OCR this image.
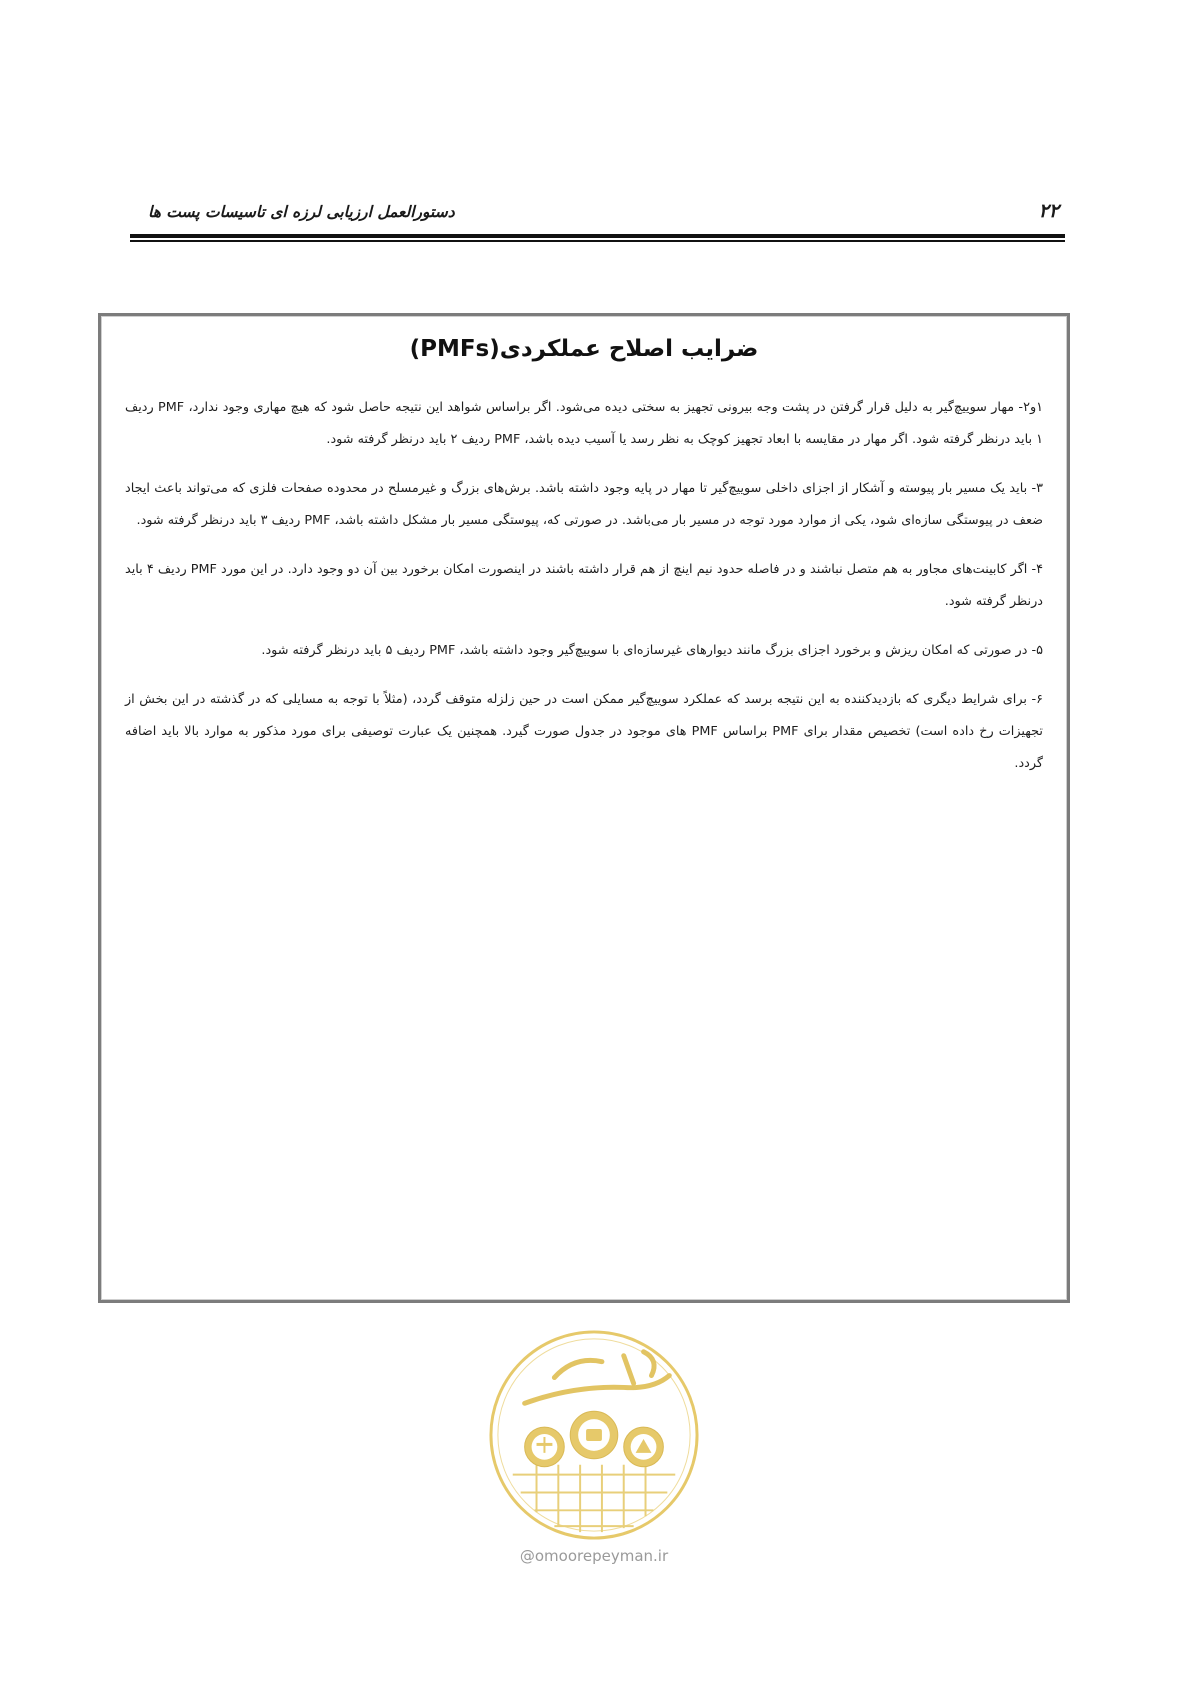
۲۲
دستورالعمل ارزیابی لرزه ای تاسیسات پست ها
ضرایب اصلاح عملکردی(PMFs)

۱و۲- مهار سوییچ‌گیر به دلیل قرار گرفتن در پشت وجه بیرونی تجهیز به سختی دیده می‌شود. اگر براساس شواهد این نتیجه حاصل شود که هیچ مهاری وجود ندارد، PMF ردیف ۱ باید درنظر گرفته شود. اگر مهار در مقایسه با ابعاد تجهیز کوچک به نظر رسد یا آسیب دیده باشد، PMF ردیف ۲ باید درنظر گرفته شود.

۳- باید یک مسیر بار پیوسته و آشکار از اجزای داخلی سوییچ‌گیر تا مهار در پایه وجود داشته باشد. برش‌های بزرگ و غیرمسلح در محدوده صفحات فلزی که می‌تواند باعث ایجاد ضعف در پیوستگی سازه‌ای شود، یکی از موارد مورد توجه در مسیر بار می‌باشد. در صورتی که، پیوستگی مسیر بار مشکل داشته باشد، PMF ردیف ۳ باید درنظر گرفته شود.

۴- اگر کابینت‌های مجاور به هم متصل نباشند و در فاصله حدود نیم اینچ از هم قرار داشته باشند در اینصورت امکان برخورد بین آن دو وجود دارد. در این مورد PMF ردیف ۴ باید درنظر گرفته شود.

۵- در صورتی که امکان ریزش و برخورد اجزای بزرگ مانند دیوارهای غیرسازه‌ای با سوییچ‌گیر وجود داشته باشد، PMF ردیف ۵ باید درنظر گرفته شود.

۶- برای شرایط دیگری که بازدیدکننده به این نتیجه برسد که عملکرد سوییچ‌گیر ممکن است در حین زلزله متوقف گردد، (مثلاً با توجه به مسایلی که در گذشته در این بخش از تجهیزات رخ داده است) تخصیص مقدار برای PMF براساس PMF های موجود در جدول صورت گیرد. همچنین یک عبارت توصیفی برای مورد مذکور به موارد بالا باید اضافه گردد.

@omoorepeyman.ir
